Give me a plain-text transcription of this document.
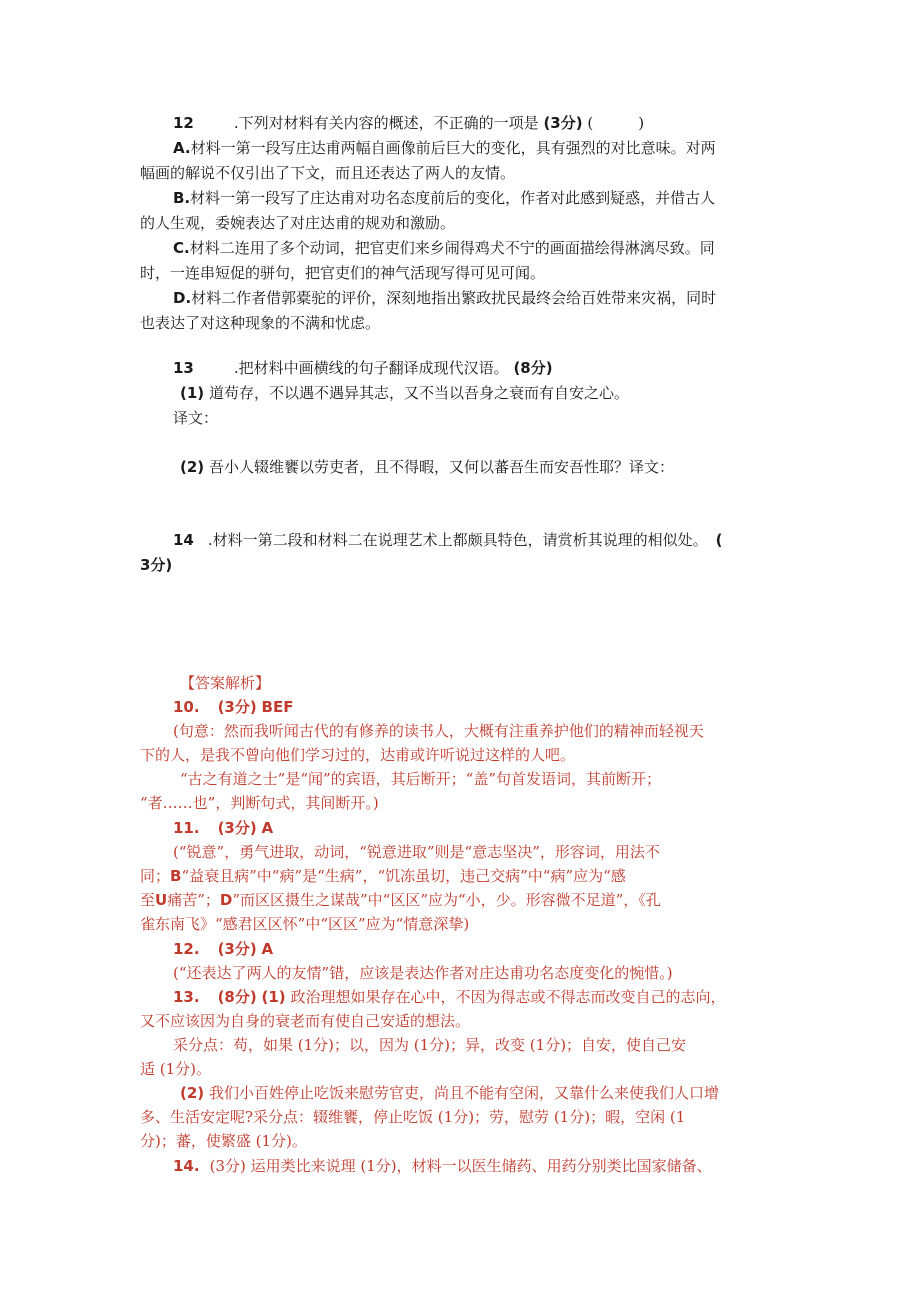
12	.下列对材料有关内容的概述，不正确的一项是 (3分) (　　　)
A.材料一第一段写庄达甫两幅自画像前后巨大的变化，具有强烈的对比意味。对两
幅画的解说不仅引出了下文，而且还表达了两人的友情。
B.材料一第一段写了庄达甫对功名态度前后的变化，作者对此感到疑惑，并借古人
的人生观，委婉表达了对庄达甫的规劝和激励。
C.材料二连用了多个动词，把官吏们来乡闹得鸡犬不宁的画面描绘得淋漓尽致。同
时，一连串短促的骈句，把官吏们的神气活现写得可见可闻。
D.材料二作者借郭橐驼的评价，深刻地指出繁政扰民最终会给百姓带来灾祸，同时
也表达了对这种现象的不满和忧虑。
13	.把材料中画横线的句子翻译成现代汉语。 (8分)
(1) 道苟存，不以遇不遇异其志，又不当以吾身之衰而有自安之心。
译文：
(2) 吾小人辍维饔以劳吏者，且不得暇，又何以蕃吾生而安吾性耶？译文：
14 .材料一第二段和材料二在说理艺术上都颇具特色，请赏析其说理的相似处。 (
3分)
【答案解析】
10. (3分) BEF
(句意：然而我听闻古代的有修养的读书人，大概有注重养护他们的精神而轻视天
下的人，是我不曾向他们学习过的，达甫或许听说过这样的人吧。
“古之有道之士”是“闻”的宾语，其后断开；“盖”句首发语词，其前断开；
“者……也”，判断句式，其间断开。)
11. (3分) A
(“锐意”，勇气进取，动词，“锐意进取”则是“意志坚决”，形容词，用法不
同；B“益衰且病”中“病”是“生病”，“饥冻虽切，违己交病”中“病”应为“感
至U痛苦”；D”而区区摄生之谋哉”中“区区”应为“小，少。形容微不足道”，《孔
雀东南飞》“感君区区怀”中“区区”应为“情意深挚)
12. (3分) A
(“还表达了两人的友情”错，应该是表达作者对庄达甫功名态度变化的惋惜。)
13. (8分) (1) 政治理想如果存在心中，不因为得志或不得志而改变自己的志向，
又不应该因为自身的衰老而有使自己安适的想法。
采分点：苟，如果 (1分)；以，因为 (1分)；异，改变 (1分)；自安，使自己安
适 (1分)。
(2) 我们小百姓停止吃饭来慰劳官吏，尚且不能有空闲，又靠什么来使我们人口增
多、生活安定呢?采分点：辍维饔，停止吃饭 (1分)；劳，慰劳 (1分)；暇，空闲 (1
分)；蕃，使繁盛 (1分)。
14. (3分) 运用类比来说理 (1分)，材料一以医生储药、用药分别类比国家储备、
